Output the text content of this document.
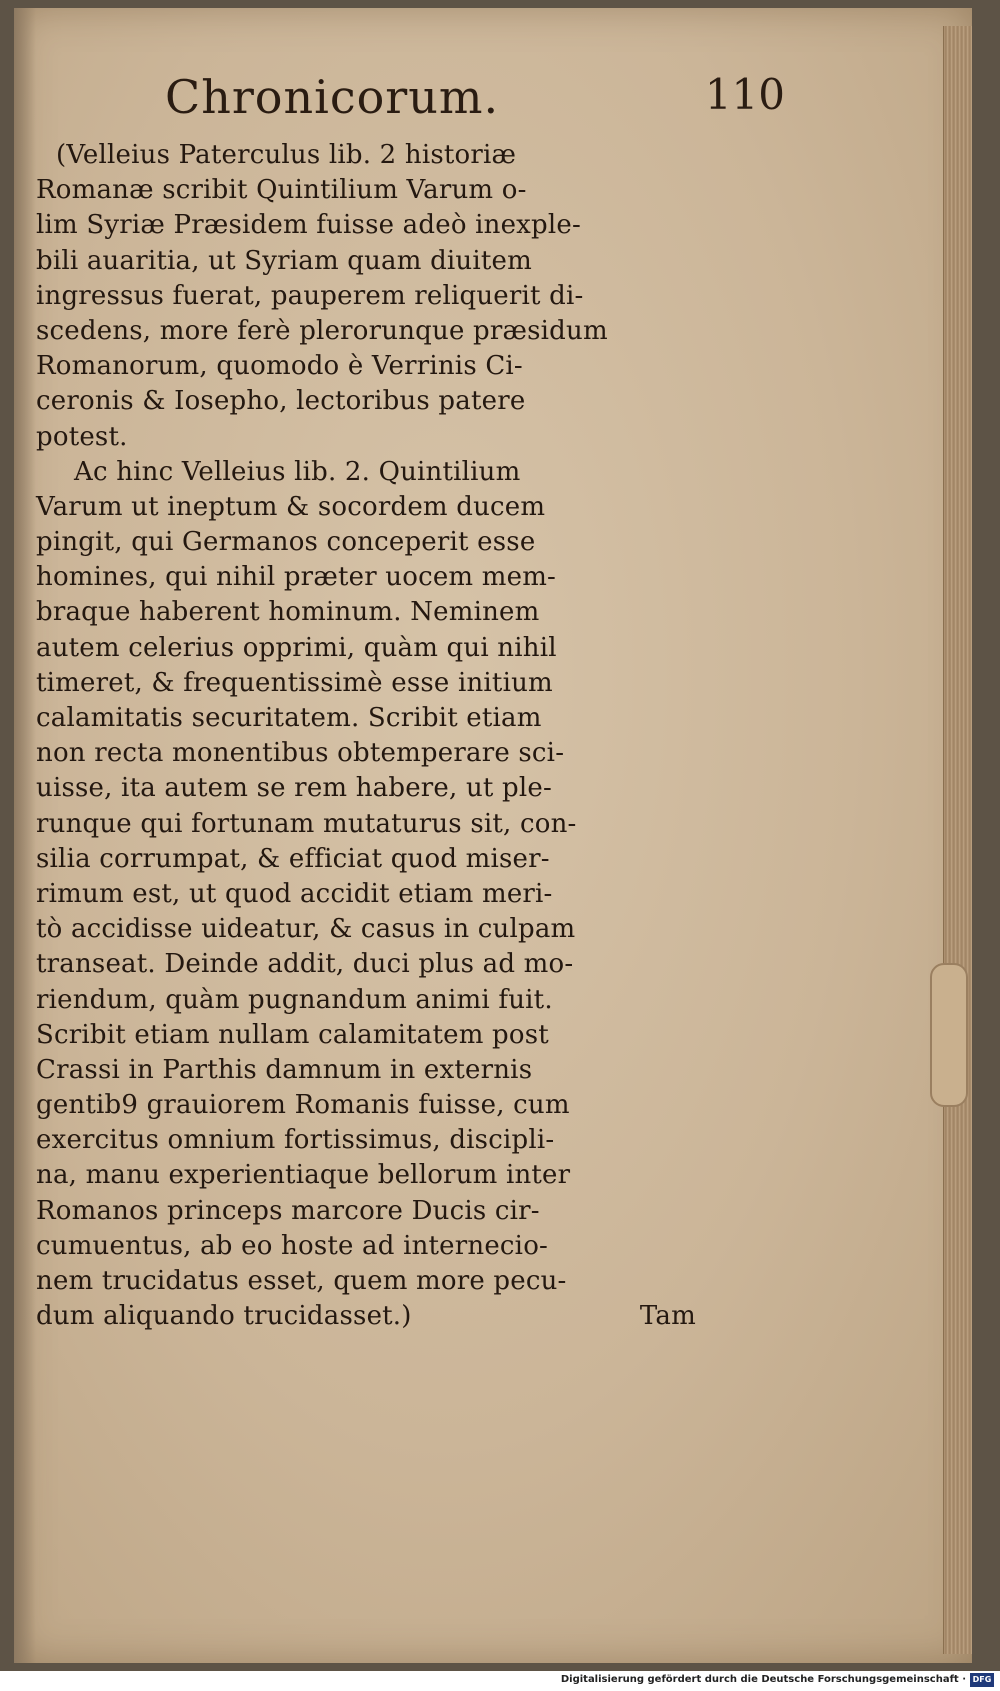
Chronicorum.	110
(Velleius Paterculus lib. 2 historiæ
Romanæ scribit Quintilium Varum o-
lim Syriæ Præsidem fuisse adeò inexple-
bili auaritia, ut Syriam quam diuitem
ingressus fuerat, pauperem reliquerit di-
scedens, more ferè plerorunque præsidum
Romanorum, quomodo è Verrinis Ci-
ceronis & Iosepho, lectoribus patere
potest.
Ac hinc Velleius lib. 2. Quintilium
Varum ut ineptum & socordem ducem
pingit, qui Germanos conceperit esse
homines, qui nihil præter uocem mem-
braque haberent hominum. Neminem
autem celerius opprimi, quàm qui nihil
timeret, & frequentissimè esse initium
calamitatis securitatem. Scribit etiam
non recta monentibus obtemperare sci-
uisse, ita autem se rem habere, ut ple-
runque qui fortunam mutaturus sit, con-
silia corrumpat, & efficiat quod miser-
rimum est, ut quod accidit etiam meri-
tò accidisse uideatur, & casus in culpam
transeat. Deinde addit, duci plus ad mo-
riendum, quàm pugnandum animi fuit.
Scribit etiam nullam calamitatem post
Crassi in Parthis damnum in externis
gentib9 grauiorem Romanis fuisse, cum
exercitus omnium fortissimus, discipli-
na, manu experientiaque bellorum inter
Romanos princeps marcore Ducis cir-
cumuentus, ab eo hoste ad internecio-
nem trucidatus esset, quem more pecu-
dum aliquando trucidasset.)	Tam
Digitalisierung gefördert durch die Deutsche Forschungsgemeinschaft · DFG
